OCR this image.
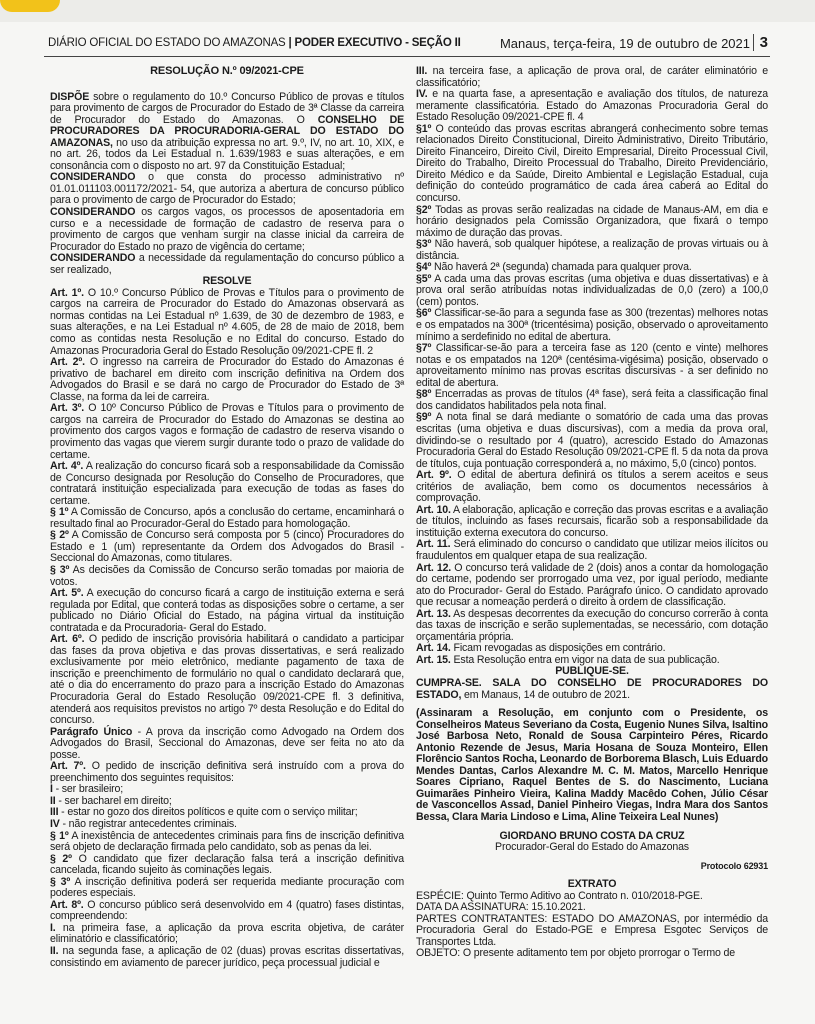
DIÁRIO OFICIAL DO ESTADO DO AMAZONAS | PODER EXECUTIVO - SEÇÃO II	Manaus, terça-feira, 19 de outubro de 2021 3

RESOLUÇÃO N.º 09/2021-CPE

DISPÕE sobre o regulamento do 10.º Concurso Público de provas e títulos para provimento de cargos de Procurador do Estado de 3ª Classe da carreira de Procurador do Estado do Amazonas. O CONSELHO DE PROCURADORES DA PROCURADORIA-GERAL DO ESTADO DO AMAZONAS, no uso da atribuição expressa no art. 9.º, IV, no art. 10, XIX, e no art. 26, todos da Lei Estadual n. 1.639/1983 e suas alterações, e em consonância com o disposto no art. 97 da Constituição Estadual;

CONSIDERANDO o que consta do processo administrativo nº 01.01.011103.001172/2021- 54, que autoriza a abertura de concurso público para o provimento de cargo de Procurador do Estado;

CONSIDERANDO os cargos vagos, os processos de aposentadoria em curso e a necessidade de formação de cadastro de reserva para o provimento de cargos que venham surgir na classe inicial da carreira de Procurador do Estado no prazo de vigência do certame;

CONSIDERANDO a necessidade da regulamentação do concurso público a ser realizado,

RESOLVE

Art. 1º. O 10.º Concurso Público de Provas e Títulos para o provimento de cargos na carreira de Procurador do Estado do Amazonas observará as normas contidas na Lei Estadual nº 1.639, de 30 de dezembro de 1983, e suas alterações, e na Lei Estadual nº 4.605, de 28 de maio de 2018, bem como as contidas nesta Resolução e no Edital do concurso. Estado do Amazonas Procuradoria Geral do Estado Resolução 09/2021-CPE fl. 2

Art. 2º. O ingresso na carreira de Procurador do Estado do Amazonas é privativo de bacharel em direito com inscrição definitiva na Ordem dos Advogados do Brasil e se dará no cargo de Procurador do Estado de 3ª Classe, na forma da lei de carreira.

Art. 3º. O 10º Concurso Público de Provas e Títulos para o provimento de cargos na carreira de Procurador do Estado do Amazonas se destina ao provimento dos cargos vagos e formação de cadastro de reserva visando o provimento das vagas que vierem surgir durante todo o prazo de validade do certame.

Art. 4º. A realização do concurso ficará sob a responsabilidade da Comissão de Concurso designada por Resolução do Conselho de Procuradores, que contratará instituição especializada para execução de todas as fases do certame.

§ 1º A Comissão de Concurso, após a conclusão do certame, encaminhará o resultado final ao Procurador-Geral do Estado para homologação.

§ 2º A Comissão de Concurso será composta por 5 (cinco) Procuradores do Estado e 1 (um) representante da Ordem dos Advogados do Brasil - Seccional do Amazonas, como titulares.

§ 3º As decisões da Comissão de Concurso serão tomadas por maioria de votos.

Art. 5º. A execução do concurso ficará a cargo de instituição externa e será regulada por Edital, que conterá todas as disposições sobre o certame, a ser publicado no Diário Oficial do Estado, na página virtual da instituição contratada e da Procuradoria- Geral do Estado.

Art. 6º. O pedido de inscrição provisória habilitará o candidato a participar das fases da prova objetiva e das provas dissertativas, e será realizado exclusivamente por meio eletrônico, mediante pagamento de taxa de inscrição e preenchimento de formulário no qual o candidato declarará que, até o dia do encerramento do prazo para a inscrição Estado do Amazonas Procuradoria Geral do Estado Resolução 09/2021-CPE fl. 3 definitiva, atenderá aos requisitos previstos no artigo 7º desta Resolução e do Edital do concurso.

Parágrafo Único - A prova da inscrição como Advogado na Ordem dos Advogados do Brasil, Seccional do Amazonas, deve ser feita no ato da posse.

Art. 7º. O pedido de inscrição definitiva será instruído com a prova do preenchimento dos seguintes requisitos:

I - ser brasileiro;

II - ser bacharel em direito;

III - estar no gozo dos direitos políticos e quite com o serviço militar;

IV - não registrar antecedentes criminais.

§ 1º A inexistência de antecedentes criminais para fins de inscrição definitiva será objeto de declaração firmada pelo candidato, sob as penas da lei.

§ 2º O candidato que fizer declaração falsa terá a inscrição definitiva cancelada, ficando sujeito às cominações legais.

§ 3º A inscrição definitiva poderá ser requerida mediante procuração com poderes especiais.

Art. 8º. O concurso público será desenvolvido em 4 (quatro) fases distintas, compreendendo:

I. na primeira fase, a aplicação da prova escrita objetiva, de caráter eliminatório e classificatório;

II. na segunda fase, a aplicação de 02 (duas) provas escritas dissertativas, consistindo em aviamento de parecer jurídico, peça processual judicial e

III. na terceira fase, a aplicação de prova oral, de caráter eliminatório e classificatório;

IV. e na quarta fase, a apresentação e avaliação dos títulos, de natureza meramente classificatória. Estado do Amazonas Procuradoria Geral do Estado Resolução 09/2021-CPE fl. 4

§1º O conteúdo das provas escritas abrangerá conhecimento sobre temas relacionados Direito Constitucional, Direito Administrativo, Direito Tributário, Direito Financeiro, Direito Civil, Direito Empresarial, Direito Processual Civil, Direito do Trabalho, Direito Processual do Trabalho, Direito Previdenciário, Direito Médico e da Saúde, Direito Ambiental e Legislação Estadual, cuja definição do conteúdo programático de cada área caberá ao Edital do concurso.

§2º Todas as provas serão realizadas na cidade de Manaus-AM, em dia e horário designados pela Comissão Organizadora, que fixará o tempo máximo de duração das provas.

§3º Não haverá, sob qualquer hipótese, a realização de provas virtuais ou à distância.

§4º Não haverá 2ª (segunda) chamada para qualquer prova.

§5º A cada uma das provas escritas (uma objetiva e duas dissertativas) e à prova oral serão atribuídas notas individualizadas de 0,0 (zero) a 100,0 (cem) pontos.

§6º Classificar-se-ão para a segunda fase as 300 (trezentas) melhores notas e os empatados na 300ª (tricentésima) posição, observado o aproveitamento mínimo a serdefinido no edital de abertura.

§7º Classificar-se-ão para a terceira fase as 120 (cento e vinte) melhores notas e os empatados na 120ª (centésima-vigésima) posição, observado o aproveitamento mínimo nas provas escritas discursivas - a ser definido no edital de abertura.

§8º Encerradas as provas de títulos (4ª fase), será feita a classificação final dos candidatos habilitados pela nota final.

§9º A nota final se dará mediante o somatório de cada uma das provas escritas (uma objetiva e duas discursivas), com a media da prova oral, dividindo-se o resultado por 4 (quatro), acrescido Estado do Amazonas Procuradoria Geral do Estado Resolução 09/2021-CPE fl. 5 da nota da prova de títulos, cuja pontuação corresponderá a, no máximo, 5,0 (cinco) pontos.

Art. 9º. O edital de abertura definirá os títulos a serem aceitos e seus critérios de avaliação, bem como os documentos necessários à comprovação.

Art. 10. A elaboração, aplicação e correção das provas escritas e a avaliação de títulos, incluindo as fases recursais, ficarão sob a responsabilidade da instituição externa executora do concurso.

Art. 11. Será eliminado do concurso o candidato que utilizar meios ilícitos ou fraudulentos em qualquer etapa de sua realização.

Art. 12. O concurso terá validade de 2 (dois) anos a contar da homologação do certame, podendo ser prorrogado uma vez, por igual período, mediante ato do Procurador- Geral do Estado. Parágrafo único. O candidato aprovado que recusar a nomeação perderá o direito à ordem de classificação.

Art. 13. As despesas decorrentes da execução do concurso correrão à conta das taxas de inscrição e serão suplementadas, se necessário, com dotação orçamentária própria.

Art. 14. Ficam revogadas as disposições em contrário.

Art. 15. Esta Resolução entra em vigor na data de sua publicação.

PUBLIQUE-SE.

CUMPRA-SE. SALA DO CONSELHO DE PROCURADORES DO ESTADO, em Manaus, 14 de outubro de 2021.

(Assinaram a Resolução, em conjunto com o Presidente, os Conselheiros Mateus Severiano da Costa, Eugenio Nunes Silva, Isaltino José Barbosa Neto, Ronald de Sousa Carpinteiro Péres, Ricardo Antonio Rezende de Jesus, Maria Hosana de Souza Monteiro, Ellen Florêncio Santos Rocha, Leonardo de Borborema Blasch, Luis Eduardo Mendes Dantas, Carlos Alexandre M. C. M. Matos, Marcello Henrique Soares Cipriano, Raquel Bentes de S. do Nascimento, Luciana Guimarães Pinheiro Vieira, Kalina Maddy Macêdo Cohen, Júlio César de Vasconcellos Assad, Daniel Pinheiro Viegas, Indra Mara dos Santos Bessa, Clara Maria Lindoso e Lima, Aline Teixeira Leal Nunes)

GIORDANO BRUNO COSTA DA CRUZ

Procurador-Geral do Estado do Amazonas

Protocolo 62931

EXTRATO

ESPÉCIE: Quinto Termo Aditivo ao Contrato n. 010/2018-PGE.

DATA DA ASSINATURA: 15.10.2021.

PARTES CONTRATANTES: ESTADO DO AMAZONAS, por intermédio da Procuradoria Geral do Estado-PGE e Empresa Esgotec Serviços de Transportes Ltda.

OBJETO: O presente aditamento tem por objeto prorrogar o Termo de
